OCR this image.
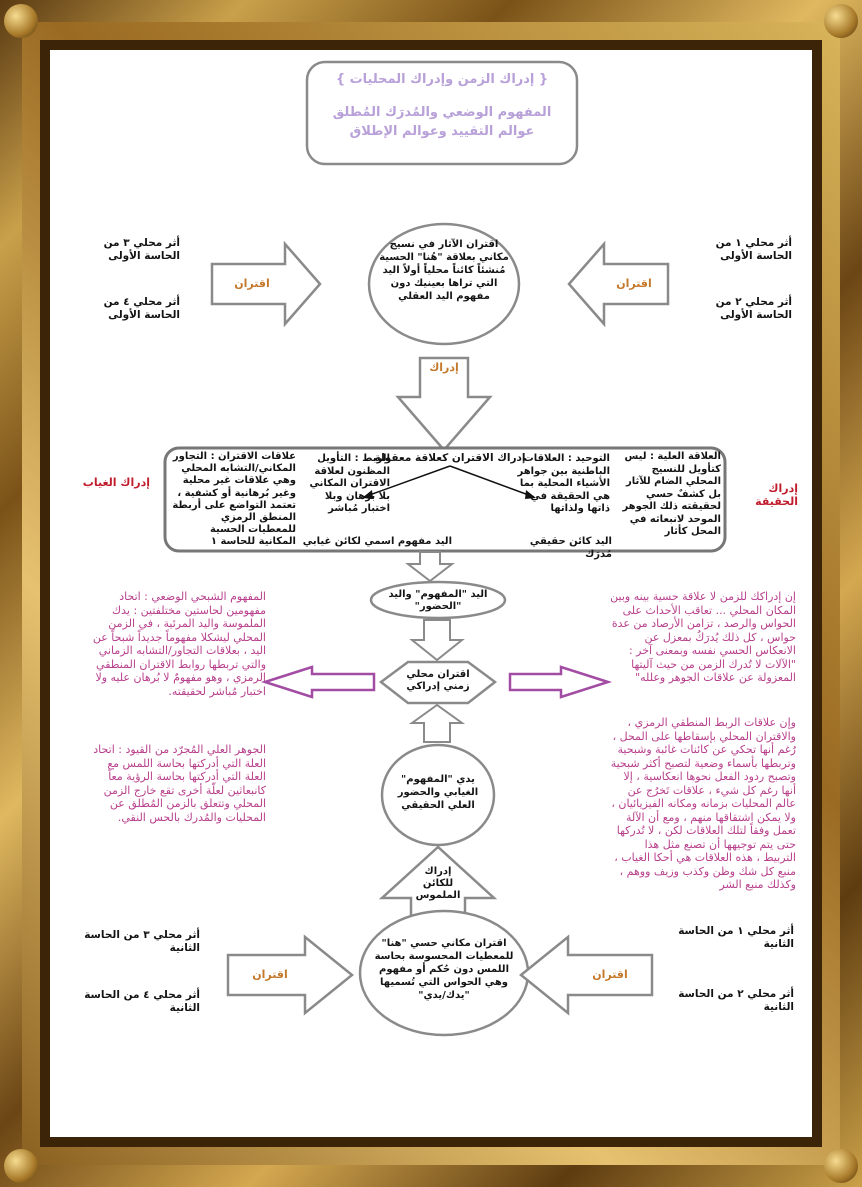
{ إدراك الزمن وإدراك المحليات }
المفهوم الوضعي والمُدرَك المُطلق
عوالم التقييد وعوالم الإطلاق
أثر محلي ١ من الحاسة الأولى
أثر محلي ٢ من الحاسة الأولى
أثر محلي ٣ من الحاسة الأولى
أثر محلي ٤ من الحاسة الأولى
اقتران
اقتران
اقتران الآثار في نسيج مكاني بعلاقة "هُنا" الحسية مُنشئاً كائناً محلياً أولاً اليد التي تراها بعينيك دون مفهوم اليد العقلي
إدراك
إدراك الاقتران كعلاقة معقولة	العلاقة العلية : ليس كتأويل للنسيج المحلي الضام للآثار بل كشفٌ حسي لحقيقته ذلك الجوهر الموحد لانبعاثه في المحل كأثار
التوحيد : العلاقات الباطنية بين جواهر الأشياء المحلية بما هي الحقيقة في ذاتها ولذاتها
الربط : التأويل المظنون لعلاقة الاقتران المكاني بلا برهان وبلا اختبار مُباشر
علاقات الاقتران : التجاور المكاني/التشابه المحلي وهي علاقات غير محلية وغير بُرهانية أو كشفية ، تعتمد التواضع على أربطة المنطق الرمزي للمعطيات الحسية المكانية للحاسة ١	اليد كائن حقيقي مُدرَك
اليد مفهوم اسمي لكائن غيابي
إدراك الحقيقة
إدراك الغياب
اليد "المفهوم" واليد "الحضور"
اقتران محلي زمني إدراكي
يدي "المفهوم" الغيابي والحضور العلي الحقيقي
إدراك للكائن الملموس
المفهوم الشبحي الوضعي : اتحاد مفهومين لحاستين مختلفتين : يدك الملموسة واليد المرئية ، في الزمن المحلي ليشكلا مفهوماً جديداً شبحاً عن اليد ، بعلاقات التجاور/التشابه الزماني والتي تربطها روابط الاقتران المنطقي الرمزي ، وهو مفهومٌ لا بُرهان عليه ولا اختبار مُباشر لحقيقته.
الجوهر العلي المُجرّد من القيود : اتحاد العلة التي أدركتها بحاسة اللمس مع العلة التي أدركتها بحاسة الرؤية معاً كانبعاثين لعلّة أخرى تقع خارج الزمن المحلي وتتعلق بالزمن المُطلق عن المحليات والمُدرك بالحس النقي.
إن إدراكك للزمن لا علاقة حسية بينه وبين المكان المحلي ... تعاقب الأحداث على الحواس والرصد ، تزامن الأرصاد من عدة حواس ، كل ذلك يُدرَكُ بمعزل عن الانعكاس الحسي نفسه وبمعنى آخر : "الآلات لا تُدرك الزمن من حيث آليتها المعزولة عن علاقات الجوهر وعلله"
وإن علاقات الربط المنطقي الرمزي ، والاقتران المحلي بإسقاطها على المحل ، رُغم أنها تحكي عن كائنات غائبة وشبحية وتربطها بأسماء وضعية لتصبح أكثر شبحية وتصبح ردود الفعل نحوها انعكاسية ، إلا أنها رغم كل شيء ، علاقات تَخرُج عن عالم المحليات بزمانه ومكانه الفيزيائيان ، ولا يمكن اشتقاقها منهم ، ومع أن الآلة تعمل وفقاً لتلك العلاقات لكن ، لا تُدركها حتى يتم توجيهها أن تصنع مثل هذا التربيط ، هذه العلاقات هي أحكا الغياب ، منبع كل شك وظن وكذب وزيف ووهم ، وكذلك منبع الشر
أثر محلي ١ من الحاسة الثانية
أثر محلي ٢ من الحاسة الثانية
أثر محلي ٣ من الحاسة الثانية
أثر محلي ٤ من الحاسة الثانية
اقتران
اقتران
اقتران مكاني حسي "هنا" للمعطيات المحسوسة بحاسة اللمس دون حُكم أو مفهوم وهي الحواس التي تُسميها "يدك/يدي"
